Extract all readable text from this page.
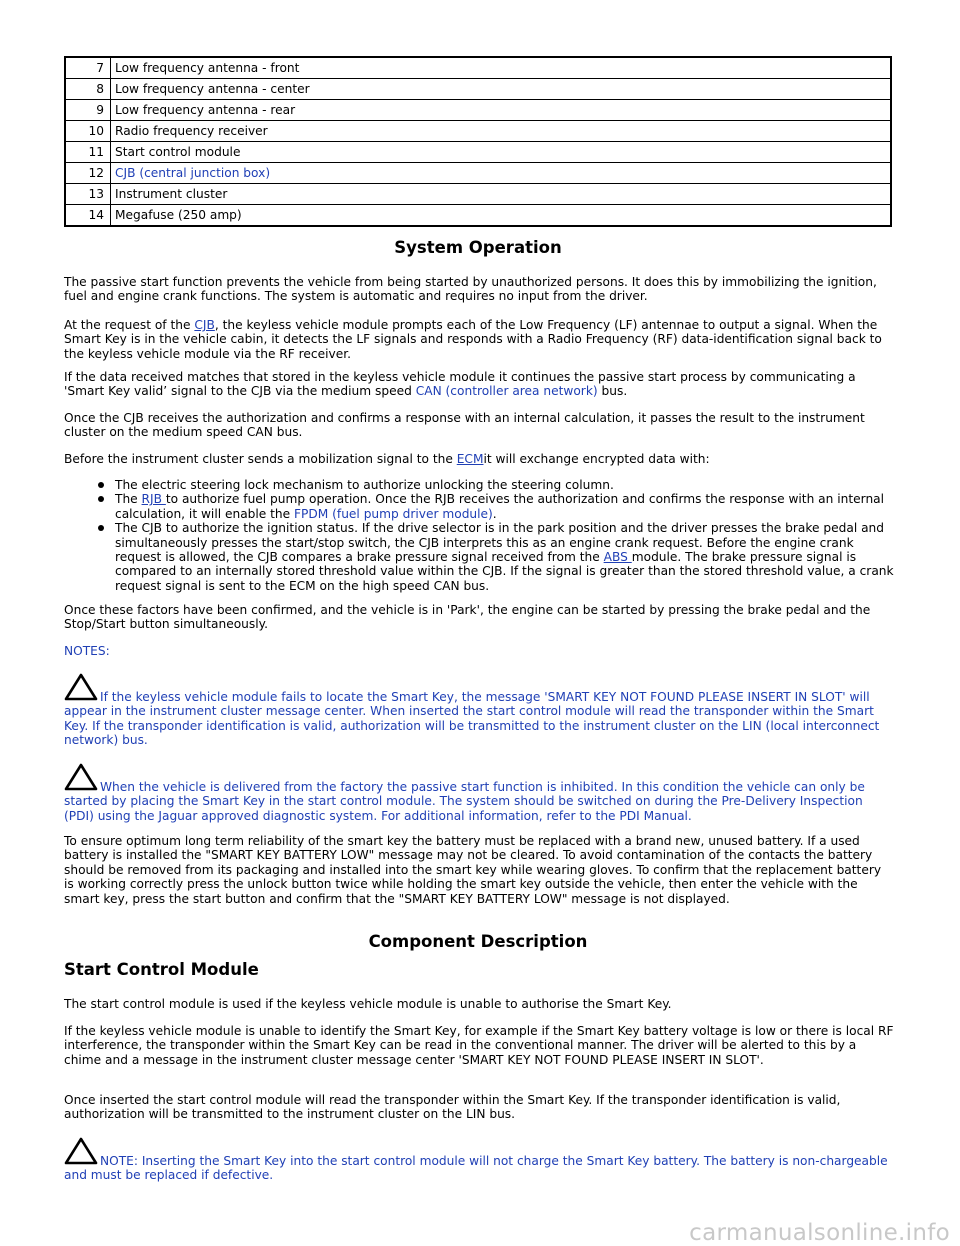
7	Low frequency antenna - front
8	Low frequency antenna - center
9	Low frequency antenna - rear
10	Radio frequency receiver
11	Start control module
12	CJB (central junction box)
13	Instrument cluster
14	Megafuse (250 amp)
System Operation

The passive start function prevents the vehicle from being started by unauthorized persons. It does this by immobilizing the ignition, fuel and engine crank functions. The system is automatic and requires no input from the driver.

At the request of the CJB, the keyless vehicle module prompts each of the Low Frequency (LF) antennae to output a signal. When the Smart Key is in the vehicle cabin, it detects the LF signals and responds with a Radio Frequency (RF) data-identification signal back to the keyless vehicle module via the RF receiver.

If the data received matches that stored in the keyless vehicle module it continues the passive start process by communicating a 'Smart Key valid’ signal to the CJB via the medium speed CAN (controller area network) bus.

Once the CJB receives the authorization and confirms a response with an internal calculation, it passes the result to the instrument cluster on the medium speed CAN bus.

Before the instrument cluster sends a mobilization signal to the ECMit will exchange encrypted data with:

The electric steering lock mechanism to authorize unlocking the steering column.
The RJB to authorize fuel pump operation. Once the RJB receives the authorization and confirms the response with an internal calculation, it will enable the FPDM (fuel pump driver module).
The CJB to authorize the ignition status. If the drive selector is in the park position and the driver presses the brake pedal and simultaneously presses the start/stop switch, the CJB interprets this as an engine crank request. Before the engine crank request is allowed, the CJB compares a brake pressure signal received from the ABS module. The brake pressure signal is compared to an internally stored threshold value within the CJB. If the signal is greater than the stored threshold value, a crank request signal is sent to the ECM on the high speed CAN bus.

Once these factors have been confirmed, and the vehicle is in 'Park', the engine can be started by pressing the brake pedal and the Stop/Start button simultaneously.

NOTES:

If the keyless vehicle module fails to locate the Smart Key, the message 'SMART KEY NOT FOUND PLEASE INSERT IN SLOT' will appear in the instrument cluster message center. When inserted the start control module will read the transponder within the Smart Key. If the transponder identification is valid, authorization will be transmitted to the instrument cluster on the LIN (local interconnect network) bus.

When the vehicle is delivered from the factory the passive start function is inhibited. In this condition the vehicle can only be started by placing the Smart Key in the start control module. The system should be switched on during the Pre-Delivery Inspection (PDI) using the Jaguar approved diagnostic system. For additional information, refer to the PDI Manual.

To ensure optimum long term reliability of the smart key the battery must be replaced with a brand new, unused battery. If a used battery is installed the "SMART KEY BATTERY LOW" message may not be cleared. To avoid contamination of the contacts the battery should be removed from its packaging and installed into the smart key while wearing gloves. To confirm that the replacement battery is working correctly press the unlock button twice while holding the smart key outside the vehicle, then enter the vehicle with the smart key, press the start button and confirm that the "SMART KEY BATTERY LOW" message is not displayed.

Component Description
Start Control Module

The start control module is used if the keyless vehicle module is unable to authorise the Smart Key.

If the keyless vehicle module is unable to identify the Smart Key, for example if the Smart Key battery voltage is low or there is local RF interference, the transponder within the Smart Key can be read in the conventional manner. The driver will be alerted to this by a chime and a message in the instrument cluster message center 'SMART KEY NOT FOUND PLEASE INSERT IN SLOT'.

Once inserted the start control module will read the transponder within the Smart Key. If the transponder identification is valid, authorization will be transmitted to the instrument cluster on the LIN bus.

NOTE: Inserting the Smart Key into the start control module will not charge the Smart Key battery. The battery is non-chargeable and must be replaced if defective.

carmanualsonline.info
